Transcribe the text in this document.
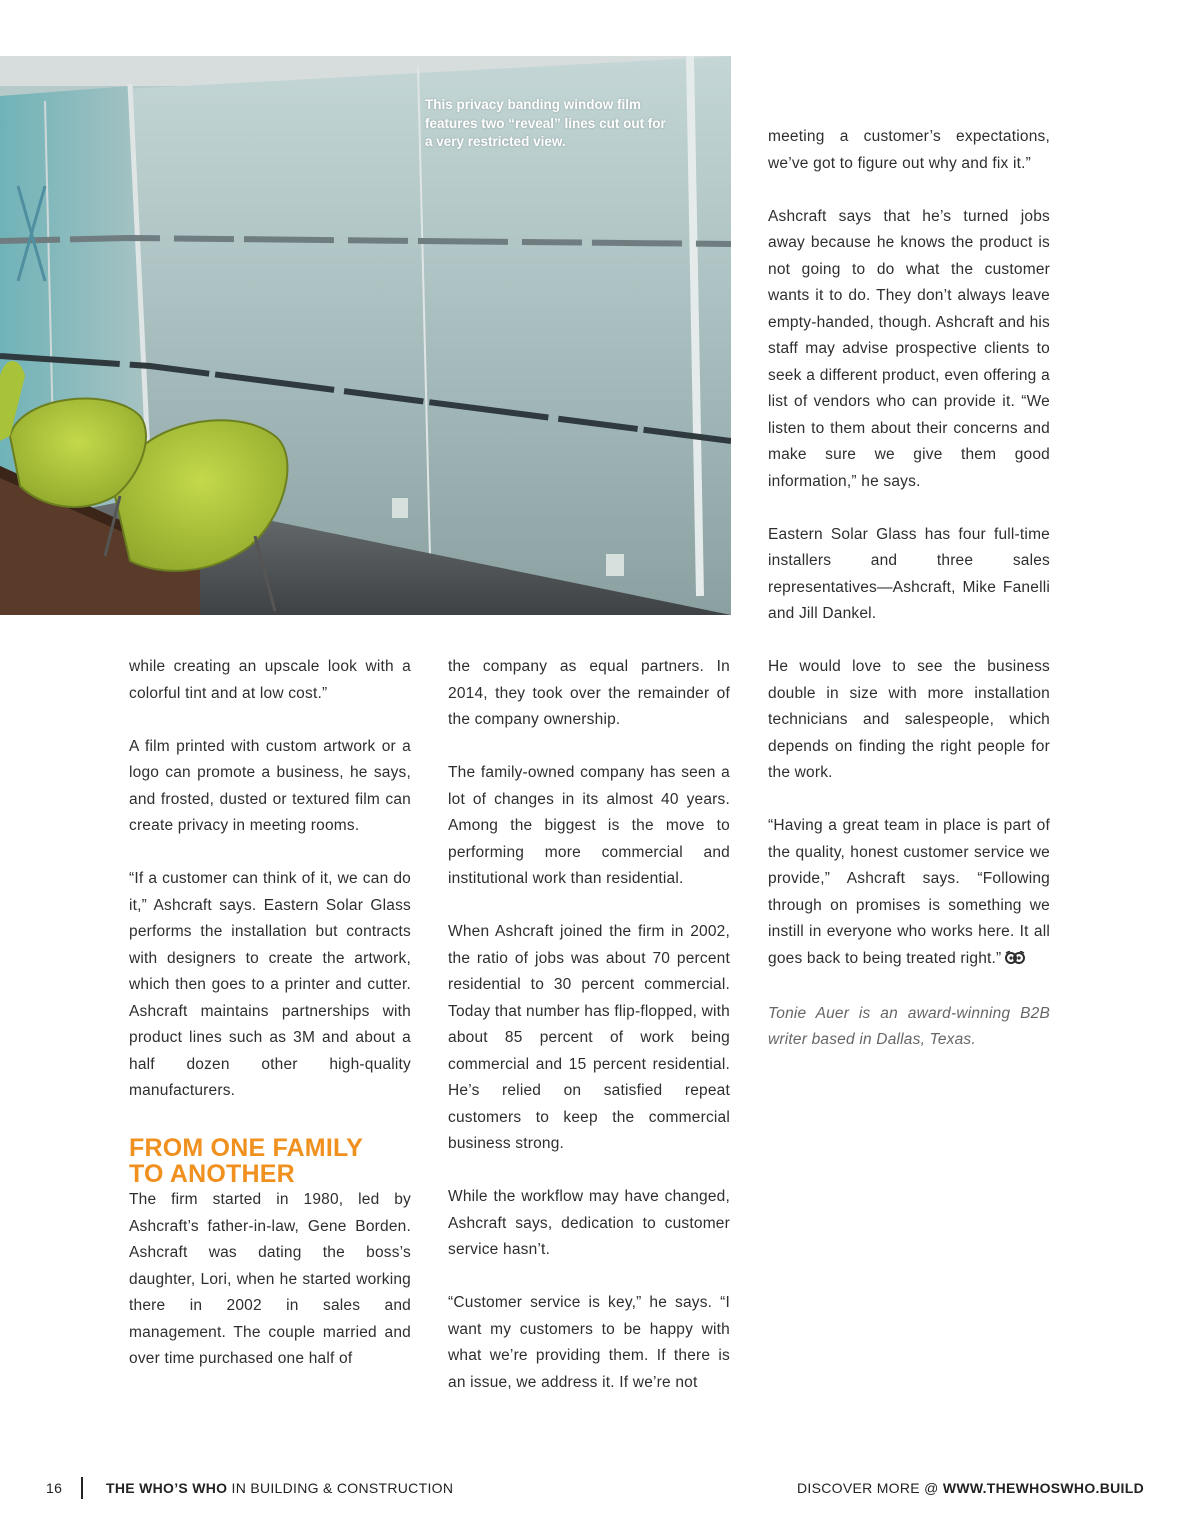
This privacy banding window film features two “reveal” lines cut out for a very restricted view.

while creating an upscale look with a colorful tint and at low cost.”

A film printed with custom artwork or a logo can promote a business, he says, and frosted, dusted or textured film can create privacy in meeting rooms.

“If a customer can think of it, we can do it,” Ashcraft says. Eastern Solar Glass performs the installation but contracts with designers to create the artwork, which then goes to a printer and cutter. Ashcraft maintains partnerships with product lines such as 3M and about a half dozen other high-quality manufacturers.

FROM ONE FAMILY
TO ANOTHER

The firm started in 1980, led by Ashcraft’s father-in-law, Gene Borden. Ashcraft was dating the boss’s daughter, Lori, when he started working there in 2002 in sales and management. The couple married and over time purchased one half of

the company as equal partners. In 2014, they took over the remainder of the company ownership.

The family-owned company has seen a lot of changes in its almost 40 years. Among the biggest is the move to performing more commercial and institutional work than residential.

When Ashcraft joined the firm in 2002, the ratio of jobs was about 70 percent residential to 30 percent commercial. Today that number has flip-flopped, with about 85 percent of work being commercial and 15 percent residential. He’s relied on satisfied repeat customers to keep the commercial business strong.

While the workflow may have changed, Ashcraft says, dedication to customer service hasn’t.

“Customer service is key,” he says. “I want my customers to be happy with what we’re providing them. If there is an issue, we address it. If we’re not

meeting a customer’s expectations, we’ve got to figure out why and fix it.”

Ashcraft says that he’s turned jobs away because he knows the product is not going to do what the customer wants it to do. They don’t always leave empty-handed, though. Ashcraft and his staff may advise prospective clients to seek a different product, even offering a list of vendors who can provide it. “We listen to them about their concerns and make sure we give them good information,” he says.

Eastern Solar Glass has four full-time installers and three sales representatives—Ashcraft, Mike Fanelli and Jill Dankel.

He would love to see the business double in size with more installation technicians and salespeople, which depends on finding the right people for the work.

“Having a great team in place is part of the quality, honest customer service we provide,” Ashcraft says. “Following through on promises is something we instill in everyone who works here. It all goes back to being treated right.”

Tonie Auer is an award-winning B2B writer based in Dallas, Texas.

16	THE WHO’S WHO IN BUILDING & CONSTRUCTION	DISCOVER MORE @ WWW.THEWHOSWHO.BUILD
